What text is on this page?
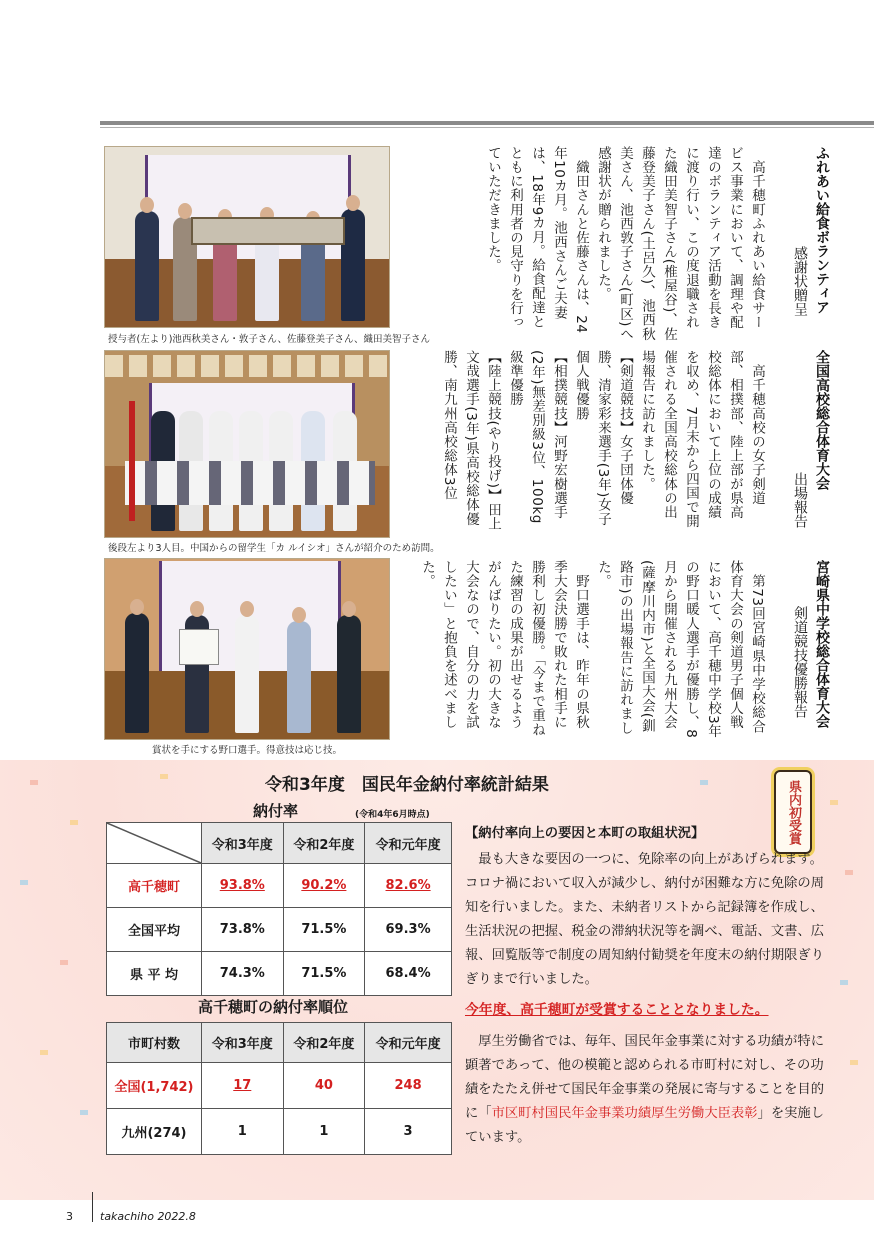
授与者(左より)池西秋美さん・敦子さん、佐藤登美子さん、織田美智子さん
後段左より3人目。中国からの留学生「カ ルイシオ」さんが紹介のため訪問。
賞状を手にする野口選手。得意技は応じ技。
ふれあい給食ボランティア
感謝状贈呈
　高千穂町ふれあい給食サービス事業において、調理や配達のボランティア活動を長きに渡り行い、この度退職された織田美智子さん(椎屋谷)、佐藤登美子さん(土呂久)、池西秋美さん、池西敦子さん(町区)へ感謝状が贈られました。
　織田さんと佐藤さんは、24年10カ月。池西さんご夫妻は、18年9カ月。給食配達とともに利用者の見守りを行っていただきました。
全国高校総合体育大会
出場報告
　高千穂高校の女子剣道部、相撲部、陸上部が県高校総体において上位の成績を収め、7月末から四国で開催される全国高校総体の出場報告に訪れました。
【剣道競技】女子団体優勝、清家彩来選手(3年)女子個人戦優勝
【相撲競技】河野宏樹選手(2年)無差別級3位、100kg級準優勝
【陸上競技(やり投げ)】田上文哉選手(3年)県高校総体優勝、南九州高校総体3位
宮崎県中学校総合体育大会
剣道競技優勝報告
　第73回宮崎県中学校総合体育大会の剣道男子個人戦において、高千穂中学校3年の野口暖人選手が優勝し、8月から開催される九州大会(薩摩川内市)と全国大会(釧路市)の出場報告に訪れました。
　野口選手は、昨年の県秋季大会決勝で敗れた相手に勝利し初優勝。「今まで重ねた練習の成果が出せるようがんばりたい。初の大きな大会なので、自分の力を試したい」と抱負を述べました。
令和3年度　国民年金納付率統計結果	県内初受賞
納付率	(令和4年6月時点)
	令和3年度	令和2年度	令和元年度
高千穂町	93.8%	90.2%	82.6%
全国平均	73.8%	71.5%	69.3%
県 平 均	74.3%	71.5%	68.4%
高千穂町の納付率順位
市町村数	令和3年度	令和2年度	令和元年度
全国(1,742)	17	40	248
九州(274)	1	1	3
【納付率向上の要因と本町の取組状況】
　最も大きな要因の一つに、免除率の向上があげられます。コロナ禍において収入が減少し、納付が困難な方に免除の周知を行いました。また、未納者リストから記録簿を作成し、生活状況の把握、税金の滞納状況等を調べ、電話、文書、広報、回覧版等で制度の周知納付勧奨を年度末の納付期限ぎりぎりまで行いました。
今年度、高千穂町が受賞することとなりました。
　厚生労働省では、毎年、国民年金事業に対する功績が特に顕著であって、他の模範と認められる市町村に対し、その功績をたたえ併せて国民年金事業の発展に寄与することを目的に「市区町村国民年金事業功績厚生労働大臣表彰」を実施しています。
3 takachiho 2022.8
